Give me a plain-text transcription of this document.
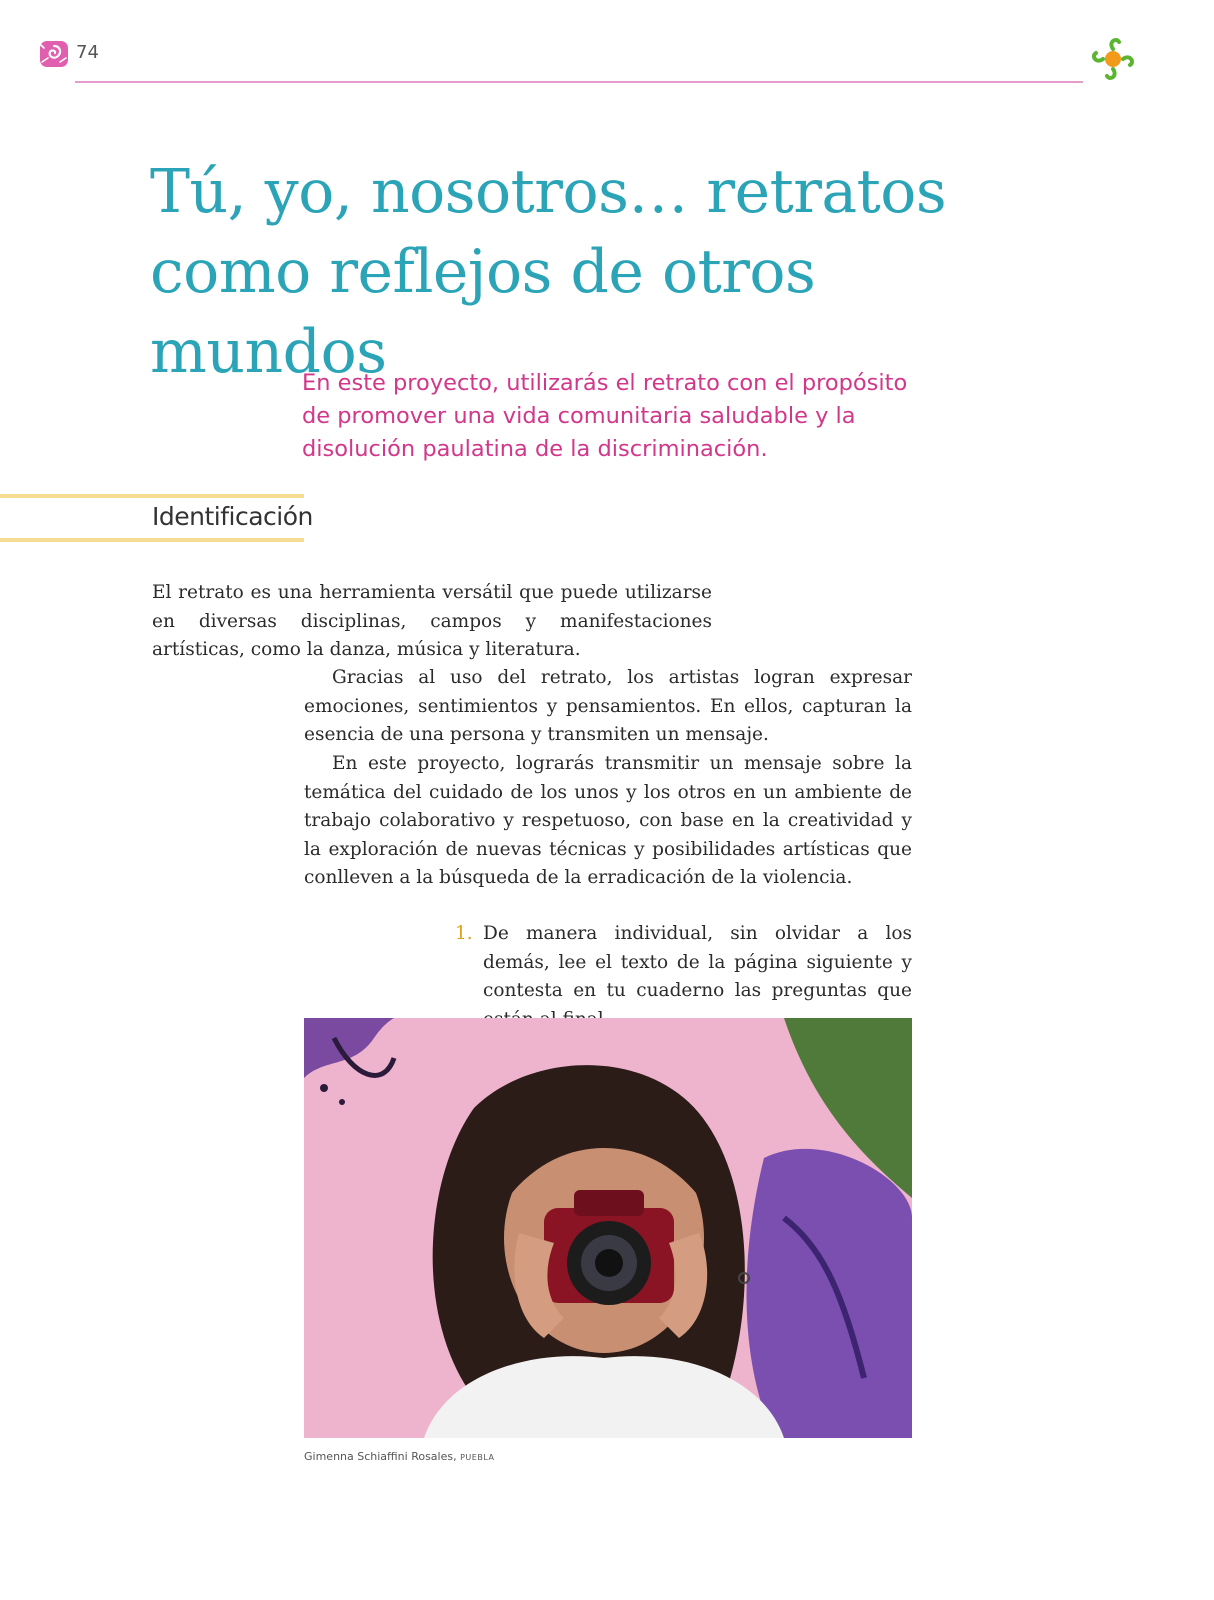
74
Tú, yo, nosotros… retratos
como reflejos de otros mundos

En este proyecto, utilizarás el retrato con el propósito de promover una vida comunitaria saludable y la disolución paulatina de la discriminación.

Identificación

El retrato es una herramienta versátil que puede utilizarse en diversas disciplinas, campos y manifestaciones artísticas, como la danza, música y literatura.

Gracias al uso del retrato, los artistas logran expresar emociones, sentimientos y pensamientos. En ellos, capturan la esencia de una persona y transmiten un mensaje.

En este proyecto, lograrás transmitir un mensaje sobre la temática del cuidado de los unos y los otros en un ambiente de trabajo colaborativo y respetuoso, con base en la creatividad y la exploración de nuevas técnicas y posibilidades artísticas que conlleven a la búsqueda de la erradicación de la violencia.

1. De manera individual, sin olvidar a los demás, lee el texto de la página siguiente y contesta en tu cuaderno las preguntas que
Gimenna Schiaffini Rosales, PUEBLA
